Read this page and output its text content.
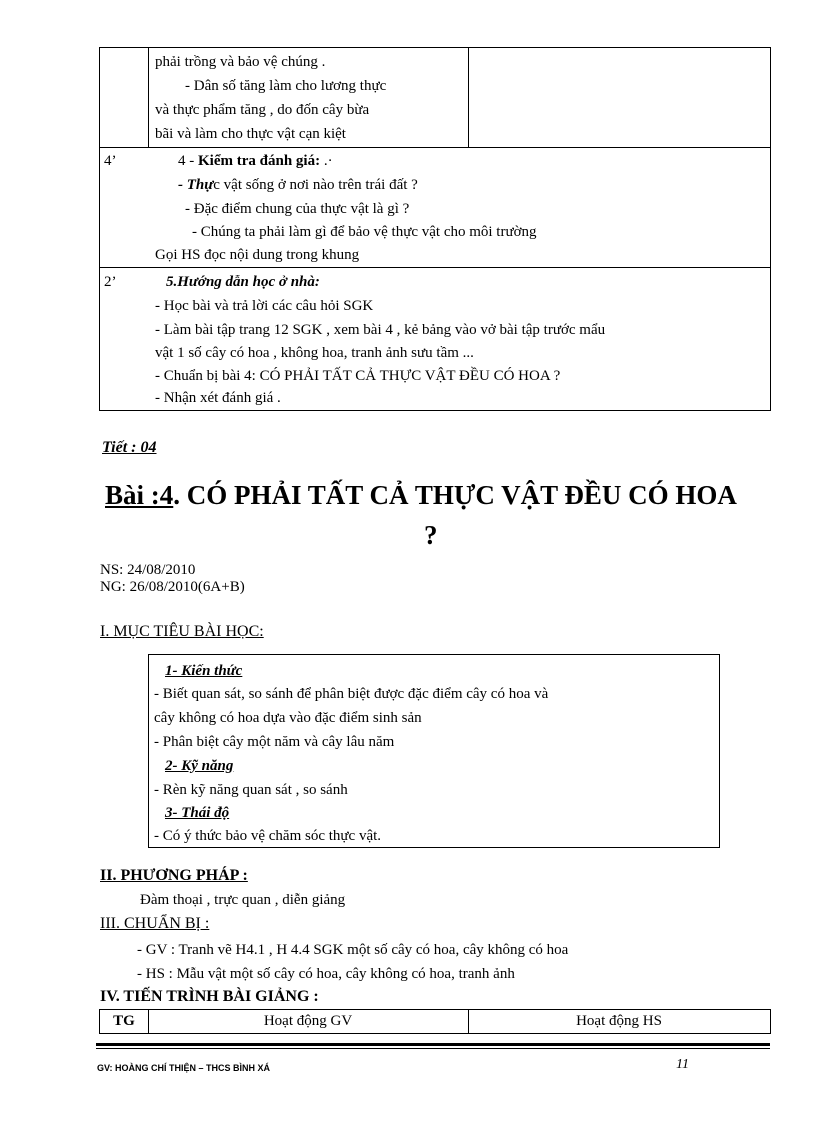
phải trồng và bảo vệ chúng .
- Dân số tăng làm cho lương thực
và thực phẩm tăng , do đốn cây bừa
bãi và làm cho thực vật cạn kiệt
4’	4 - Kiểm tra đánh giá: .·
- Thực vật sống ở nơi nào trên trái đất ?
- Đặc điểm chung của thực vật là gì ?
- Chúng ta phải làm gì để bảo vệ thực vật cho môi trường
Gọi HS đọc nội dung trong khung
2’	5.Hướng dẫn học ở nhà:
- Học bài và trả lời các câu hỏi SGK
- Làm bài tập trang 12 SGK , xem bài 4 , kẻ bảng vào vở bài tập trước mẩu
vật 1 số cây có hoa , không hoa, tranh ảnh sưu tầm ...
- Chuẩn bị bài 4: CÓ PHẢI TẤT CẢ THỰC VẬT ĐỀU CÓ HOA ?
- Nhận xét đánh giá .
Tiết : 04
Bài :4. CÓ PHẢI TẤT CẢ THỰC VẬT ĐỀU CÓ HOA
?
NS: 24/08/2010
NG: 26/08/2010(6A+B)
I. MỤC TIÊU BÀI HỌC:
1- Kiến thức
- Biết quan sát, so sánh để phân biệt được đặc điểm cây có hoa và
cây không có hoa dựa vào đặc điểm sinh sản
- Phân biệt cây một năm và cây lâu năm
2- Kỹ năng
- Rèn kỹ năng quan sát , so sánh
3- Thái độ
- Có ý thức bảo vệ chăm sóc thực vật.
II. PHƯƠNG PHÁP :
Đàm thoại , trực quan , diễn giảng
III. CHUẨN BỊ :
- GV : Tranh vẽ H4.1 , H 4.4 SGK một số cây có hoa, cây không có hoa
- HS : Mẫu vật một số cây có hoa, cây không có hoa, tranh ảnh
IV. TIẾN TRÌNH BÀI GIẢNG :
TG	Hoạt động GV	Hoạt động HS
GV: HOÀNG CHÍ THIỆN – THCS BÌNH XÁ	11
